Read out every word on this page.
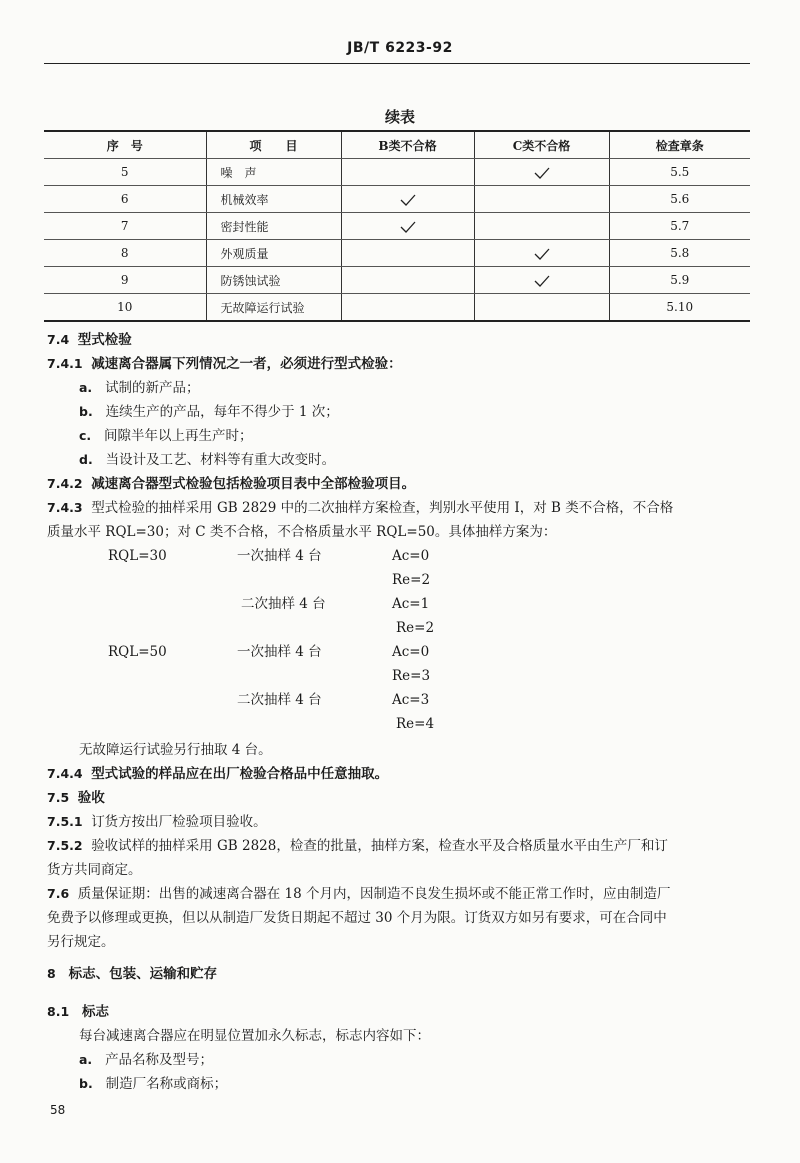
JB/T 6223-92
续表
序　号	项　　目	B类不合格	C类不合格	检查章条
5	噪　声			5.5
6	机械效率			5.6
7	密封性能			5.7
8	外观质量			5.8
9	防锈蚀试验			5.9
10	无故障运行试验			5.10
7.4 型式检验
7.4.1 减速离合器属下列情况之一者，必须进行型式检验：
a. 试制的新产品；
b. 连续生产的产品，每年不得少于 1 次；
c. 间隙半年以上再生产时；
d. 当设计及工艺、材料等有重大改变时。
7.4.2 减速离合器型式检验包括检验项目表中全部检验项目。
7.4.3 型式检验的抽样采用 GB 2829 中的二次抽样方案检查，判别水平使用 I，对 B 类不合格，不合格
质量水平 RQL=30；对 C 类不合格，不合格质量水平 RQL=50。具体抽样方案为：
RQL=30	一次抽样 4 台	Ac=0
Re=2
二次抽样 4 台	Ac=1
Re=2
RQL=50	一次抽样 4 台	Ac=0
Re=3
二次抽样 4 台	Ac=3
Re=4
无故障运行试验另行抽取 4 台。
7.4.4 型式试验的样品应在出厂检验合格品中任意抽取。
7.5 验收
7.5.1 订货方按出厂检验项目验收。
7.5.2 验收试样的抽样采用 GB 2828，检查的批量，抽样方案，检查水平及合格质量水平由生产厂和订
货方共同商定。
7.6 质量保证期：出售的减速离合器在 18 个月内，因制造不良发生损坏或不能正常工作时，应由制造厂
免费予以修理或更换，但以从制造厂发货日期起不超过 30 个月为限。订货双方如另有要求，可在合同中
另行规定。
8 标志、包装、运输和贮存
8.1 标志
每台减速离合器应在明显位置加永久标志，标志内容如下：
a. 产品名称及型号；
b. 制造厂名称或商标；
58
